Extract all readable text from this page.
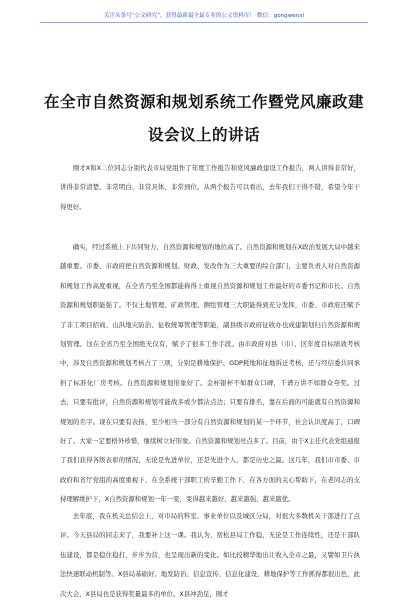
关注头条号“公文研究”，获得最新最全最专业的公文资料库！ 微信：gongwenxi
在全市自然资源和规划系统工作暨党风廉政建
设会议上的讲话

刚才X和X二位同志分别代表市局党组作了年度工作报告和党风廉政建设工作报告，两人讲得非常好，讲得非常清楚、非常明白、非常具体、非常到位。从两个报告可以看出，去年我们干得不错，希望今年干得更好。

确实，经过系统上下共同努力，自然资源和规划的地位高了。自然资源和规划在X政治发展大局中越来越重要。市委、市政府把自然资源和规划、财政、发改作为三大重要的综合部门，主要负责人对自然资源和规划工作高度重视，在全省乃至全国都能称得上重视自然资源和规划工作最好的市委书记和市长。自然资源和规划职能强了。不仅土地管理、矿政管理、测绘管理三大职能得到充分发挥，市委、市政府还赋予了非工项目招商、山洪地灾防治、征收统筹管理等职能，副县级市政府征收办也成建制划归自然资源和规划管理。这在全省乃至全国绝无仅有，赋予了很多工作手段。由市政府对县（市）、区年度目标绩效考核中，涉及自然资源和规划考核占了三项，分别是耕地保护、GDP耗地和征地拆迁考核，还与经信委共同承担了标准化厂房考核。自然资源和规划形象好了。金杯银杯不如群众口碑，千谱万讲不如群众夸奖。过去，只要有批评，自然资源和规划可能战多或少都沾点边；只要有排名，靠在后面的可能就有自然资源和规划的名字。现在只要有表扬，至少相当一部分有自然资源和规划的某一个环节，社会认识度高了，口碑好了。大家一定要格外珍惜，继续树立好形象。自然资源和规划亮点多了。目前，由于X主任代表党组通报了我们获得各级表彰的情况，无论是先进单位，还是先进个人，都是历史之最。这几年，我们市市委、市政府和省厅党组的高度重视下，在全系统干部职工的辛勤工作下，在各方面的关心帮助下，在老同志的支持理解维护下，X自然资源和规划一年一变，变得越来越好、越来越强、越来越优。

去年底，我在机关总结会上，对市局的科室、事业单位以及城区分局，对很大多数机关干部进行了点评。今天县局的同志来了，我要补上这一课。我认为，宿松县局工作稳，无论是工作连续性，还是干部队伍建设，都是稳住稳打，步步为营，也呈现出新的变化。如比较精华地出让收入全市之最，又譬如卫片执法快速联动机制等。X县局基础好。地发防治、信息宣传、信息化建设、耕地保护等工作抓得都很出色，此次大会，X县局也是获得奖量最多的单位。X县冲劲足，刚才
